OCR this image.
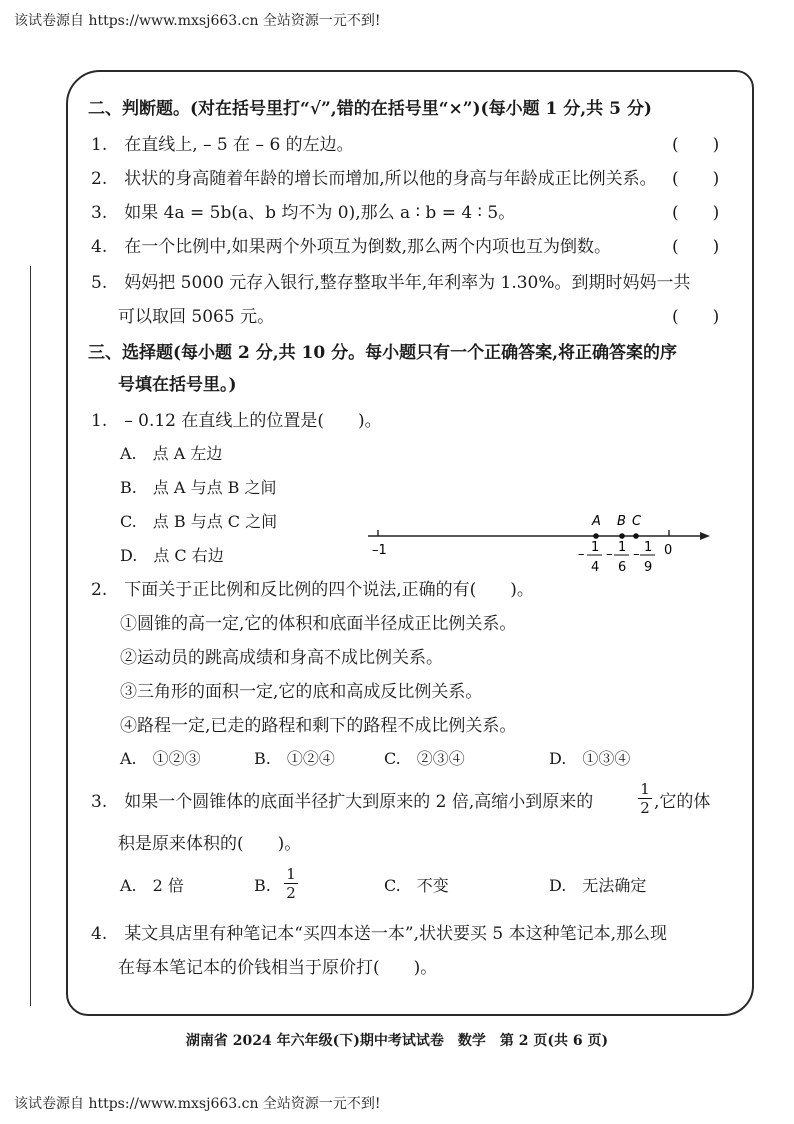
该试卷源自 https://www.mxsj663.cn 全站资源一元不到!
二、判断题。(对在括号里打“√”,错的在括号里“×”)(每小题 1 分,共 5 分)
1.　在直线上, – 5 在 – 6 的左边。	(　　)
2.　状状的身高随着年龄的增长而增加,所以他的身高与年龄成正比例关系。 (　　)
3.　如果 4a = 5b(a、b 均不为 0),那么 a ∶ b = 4 ∶ 5。	(　　)
4.　在一个比例中,如果两个外项互为倒数,那么两个内项也互为倒数。	(　　)
5.　妈妈把 5000 元存入银行,整存整取半年,年利率为 1.30%。到期时妈妈一共
可以取回 5065 元。	(　　)
三、选择题(每小题 2 分,共 10 分。每小题只有一个正确答案,将正确答案的序
号填在括号里。)
1.　– 0.12 在直线上的位置是(　　)。
A.　点 A 左边
B.　点 A 与点 B 之间
C.　点 B 与点 C 之间
D.　点 C 右边	–1	0
A B C
– – –
1
4
1
6
1
9
2.　下面关于正比例和反比例的四个说法,正确的有(　　)。
①圆锥的高一定,它的体积和底面半径成正比例关系。
②运动员的跳高成绩和身高不成比例关系。
③三角形的面积一定,它的底和高成反比例关系。
④路程一定,已走的路程和剩下的路程不成比例关系。
A.　①②③	B.　①②④	C.　②③④	D.　①③④
3.　如果一个圆锥体的底面半径扩大到原来的 2 倍,高缩小到原来的
1
2 ,它的体
积是原来体积的(　　)。
A.　2 倍	B.
1
2	C.　不变	D.　无法确定
4.　某文具店里有种笔记本“买四本送一本”,状状要买 5 本这种笔记本,那么现
在每本笔记本的价钱相当于原价打(　　)。
湖南省 2024 年六年级(下)期中考试试卷　数学　第 2 页(共 6 页)
该试卷源自 https://www.mxsj663.cn 全站资源一元不到!
